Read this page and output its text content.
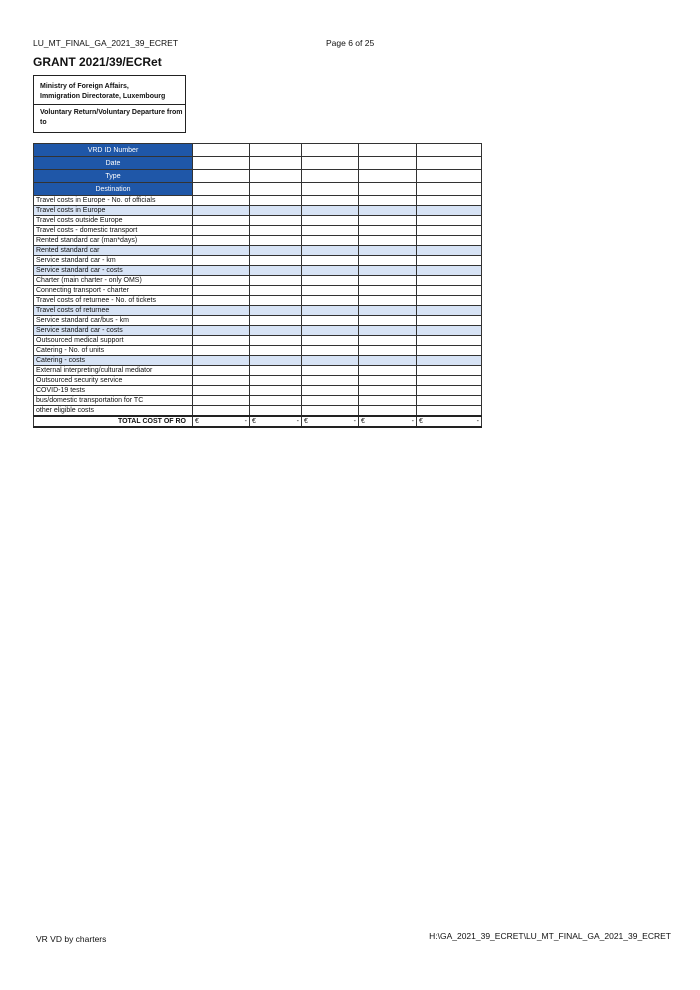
LU_MT_FINAL_GA_2021_39_ECRET	Page 6 of 25
GRANT 2021/39/ECRet
Ministry of Foreign Affairs,
Immigration Directorate, Luxembourg
Voluntary Return/Voluntary Departure from
to
VRD ID Number					
Date					
Type					
Destination					
Travel costs in Europe - No. of officials					
Travel costs in Europe					
Travel costs outside Europe					
Travel costs - domestic transport					
Rented standard car (man*days)					
Rented standard car					
Service standard car - km					
Service standard car - costs					
Charter (main charter - only OMS)					
Connecting transport - charter					
Travel costs of returnee - No. of tickets					
Travel costs of returnee					
Service standard car/bus - km					
Service standard car - costs					
Outsourced medical support					
Catering - No. of units					
Catering - costs					
External interpreting/cultural mediator					
Outsourced security service					
COVID-19 tests					
bus/domestic transportation for TC					
other eligible costs					
TOTAL COST OF RO	€ -	€ -	€ -	€ -	€ -
VR VD by charters	H:\GA_2021_39_ECRET\LU_MT_FINAL_GA_2021_39_ECRET
